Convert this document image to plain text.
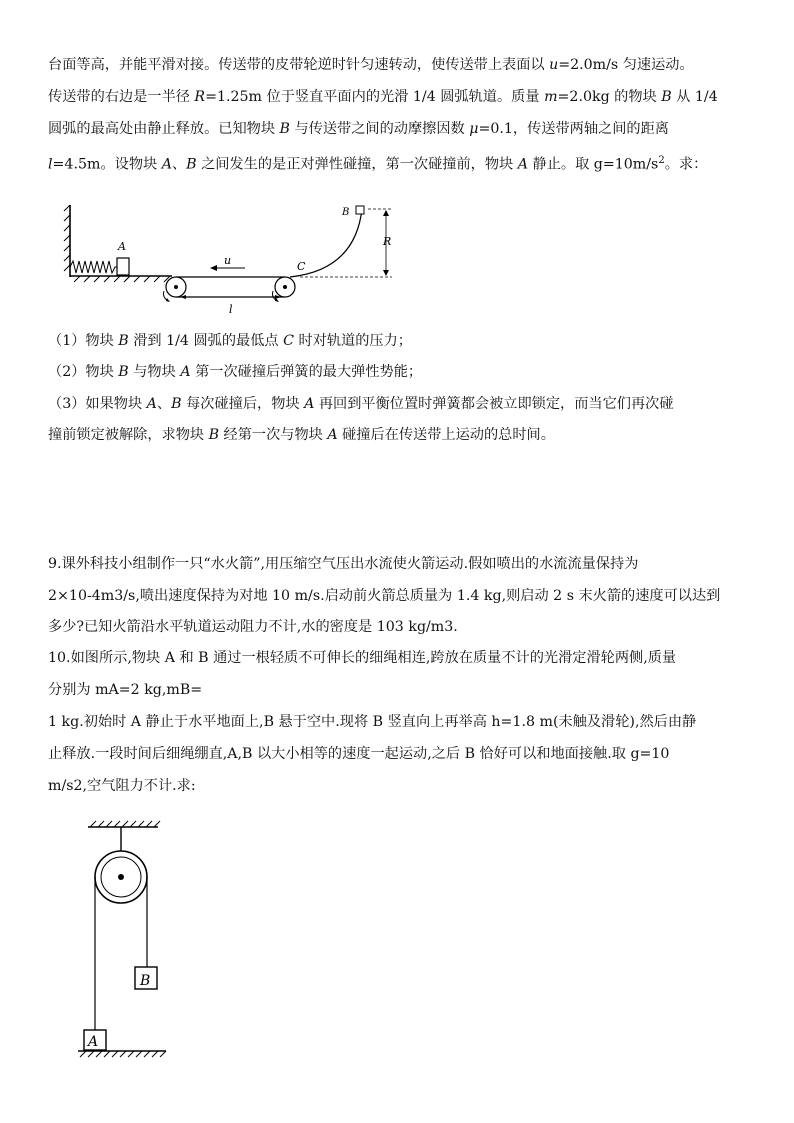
台面等高，并能平滑对接。传送带的皮带轮逆时针匀速转动，使传送带上表面以 u=2.0m/s 匀速运动。
传送带的右边是一半径 R=1.25m 位于竖直平面内的光滑 1/4 圆弧轨道。质量 m=2.0kg 的物块 B 从 1/4
圆弧的最高处由静止释放。已知物块 B 与传送带之间的动摩擦因数 μ=0.1，传送带两轴之间的距离
l=4.5m。设物块 A、B 之间发生的是正对弹性碰撞，第一次碰撞前，物块 A 静止。取 $g=10m/s^2$。求：
A
u
l
C
B
R
（1）物块 B 滑到 1/4 圆弧的最低点 C 时对轨道的压力；
（2）物块 B 与物块 A 第一次碰撞后弹簧的最大弹性势能；
（3）如果物块 A、B 每次碰撞后，物块 A 再回到平衡位置时弹簧都会被立即锁定，而当它们再次碰
撞前锁定被解除，求物块 B 经第一次与物块 A 碰撞后在传送带上运动的总时间。
9.课外科技小组制作一只“水火箭”,用压缩空气压出水流使火箭运动.假如喷出的水流流量保持为
2×10-4m3/s,喷出速度保持为对地 10 m/s.启动前火箭总质量为 1.4 kg,则启动 2 s 末火箭的速度可以达到
多少?已知火箭沿水平轨道运动阻力不计,水的密度是 103 kg/m3.
10.如图所示,物块 A 和 B 通过一根轻质不可伸长的细绳相连,跨放在质量不计的光滑定滑轮两侧,质量
分别为 mA=2 kg,mB=
1 kg.初始时 A 静止于水平地面上,B 悬于空中.现将 B 竖直向上再举高 h=1.8 m(未触及滑轮),然后由静
止释放.一段时间后细绳绷直,A,B 以大小相等的速度一起运动,之后 B 恰好可以和地面接触.取 g=10
m/s2,空气阻力不计.求:
B
A
